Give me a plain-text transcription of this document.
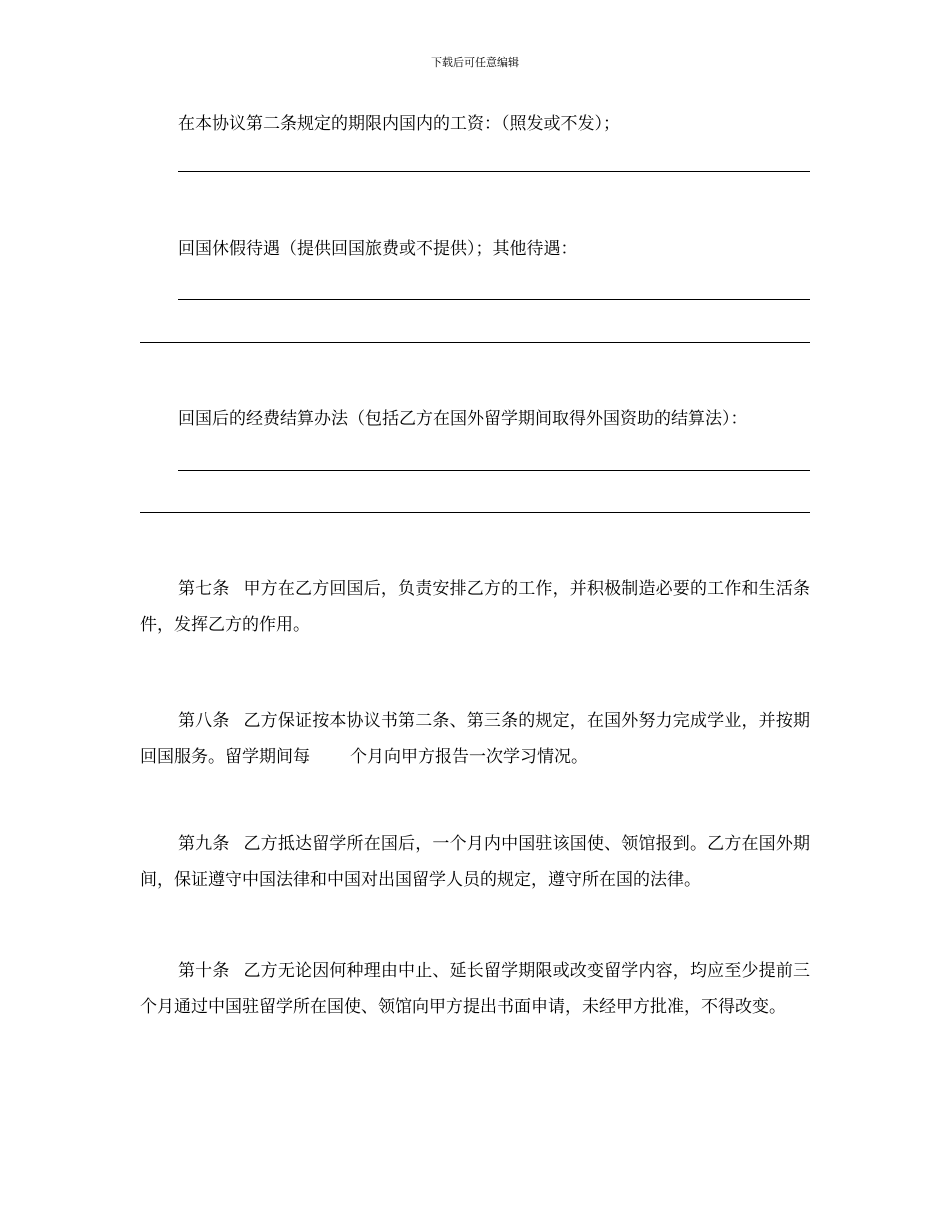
下载后可任意编辑
在本协议第二条规定的期限内国内的工资：（照发或不发）；
回国休假待遇（提供回国旅费或不提供）；其他待遇：
回国后的经费结算办法（包括乙方在国外留学期间取得外国资助的结算法）：
第七条 甲方在乙方回国后，负责安排乙方的工作，并积极制造必要的工作和生活条件，发挥乙方的作用。
第八条 乙方保证按本协议书第二条、第三条的规定，在国外努力完成学业，并按期回国服务。留学期间每 个月向甲方报告一次学习情况。
第九条 乙方抵达留学所在国后，一个月内中国驻该国使、领馆报到。乙方在国外期间，保证遵守中国法律和中国对出国留学人员的规定，遵守所在国的法律。
第十条 乙方无论因何种理由中止、延长留学期限或改变留学内容，均应至少提前三个月通过中国驻留学所在国使、领馆向甲方提出书面申请，未经甲方批准，不得改变。
